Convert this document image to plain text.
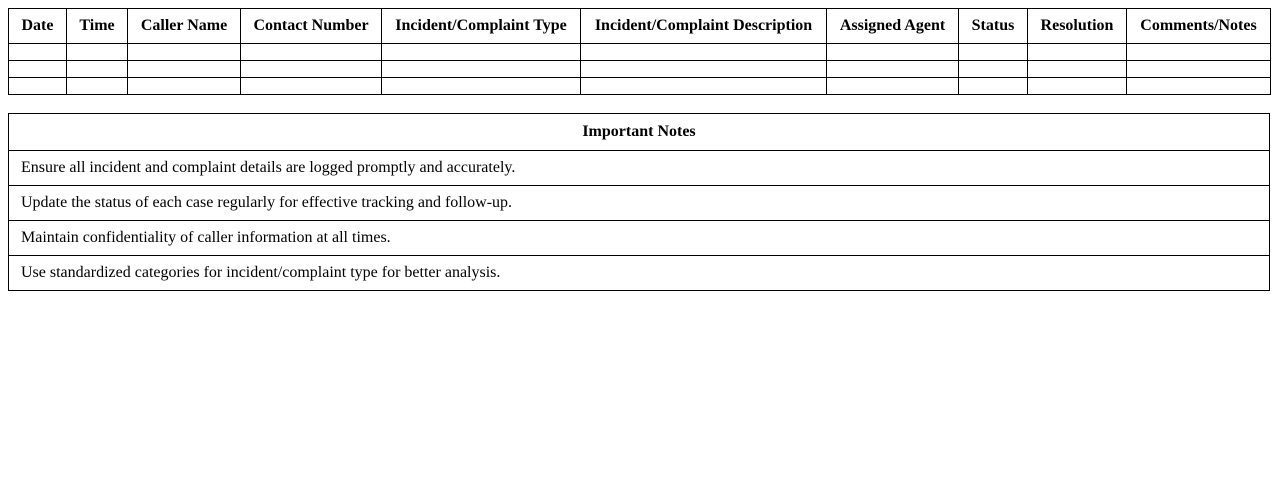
Date	Time	Caller Name	Contact Number	Incident/Complaint Type	Incident/Complaint Description	Assigned Agent	Status	Resolution	Comments/Notes

Important Notes
Ensure all incident and complaint details are logged promptly and accurately.
Update the status of each case regularly for effective tracking and follow-up.
Maintain confidentiality of caller information at all times.
Use standardized categories for incident/complaint type for better analysis.
